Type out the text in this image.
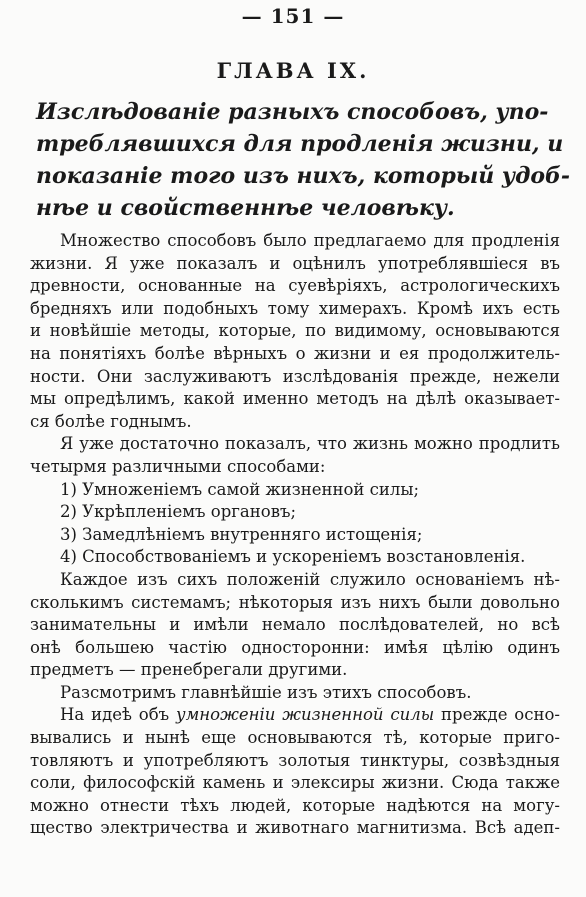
— 151 —
ГЛАВА IX.
Изслѣдованіе разныхъ способовъ, упо-
треблявшихся для продленія жизни, и
показаніе того изъ нихъ, который удоб-
нѣе и свойственнѣе человѣку.
Множество способовъ было предлагаемо для продленія
жизни. Я уже показалъ и оцѣнилъ употреблявшіеся въ
древности, основанные на суевѣріяхъ, астрологическихъ
бредняхъ или подобныхъ тому химерахъ. Кромѣ ихъ есть
и новѣйшіе методы, которые, по видимому, основываются
на понятіяхъ болѣе вѣрныхъ о жизни и ея продолжитель-
ности. Они заслуживаютъ изслѣдованія прежде, нежели
мы опредѣлимъ, какой именно методъ на дѣлѣ оказывает-
ся болѣе годнымъ.
Я уже достаточно показалъ, что жизнь можно продлить
четырмя различными способами:
1) Умноженіемъ самой жизненной силы;
2) Укрѣпленіемъ органовъ;
3) Замедлѣніемъ внутренняго истощенія;
4) Способствованіемъ и ускореніемъ возстановленія.
Каждое изъ сихъ положеній служило основаніемъ нѣ-
сколькимъ системамъ; нѣкоторыя изъ нихъ были довольно
занимательны и имѣли немало послѣдователей, но всѣ
онѣ большею частію односторонни: имѣя цѣлію одинъ
предметъ — пренебрегали другими.
Разсмотримъ главнѣйшіе изъ этихъ способовъ.
На идеѣ объ умноженіи жизненной силы прежде осно-
вывались и нынѣ еще основываются тѣ, которые приго-
товляютъ и употребляютъ золотыя тинктуры, созвѣздныя
соли, философскій камень и элексиры жизни. Сюда также
можно отнести тѣхъ людей, которые надѣются на могу-
щество электричества и животнаго магнитизма. Всѣ адеп-
